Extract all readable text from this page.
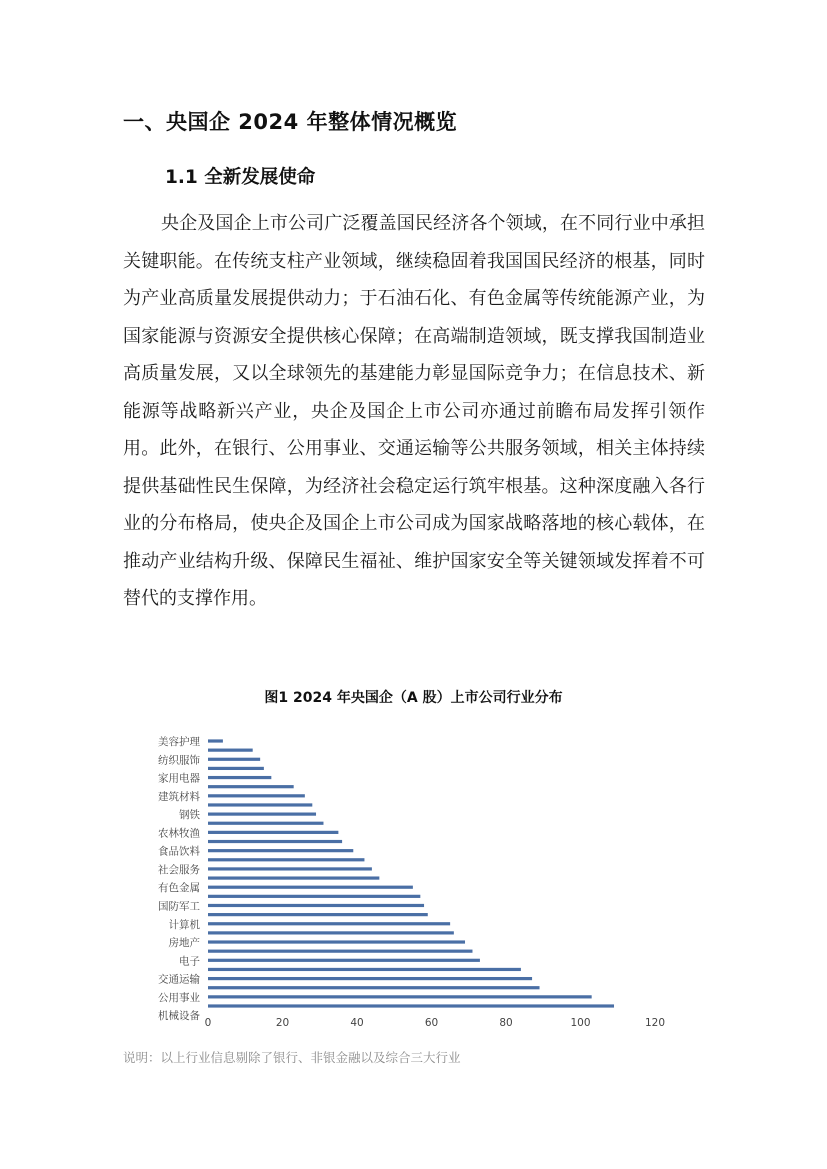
一、央国企 2024 年整体情况概览
1.1 全新发展使命

央企及国企上市公司广泛覆盖国民经济各个领域，在不同行业中承担关键职能。在传统支柱产业领域，继续稳固着我国国民经济的根基，同时为产业高质量发展提供动力；于石油石化、有色金属等传统能源产业，为国家能源与资源安全提供核心保障；在高端制造领域，既支撑我国制造业高质量发展，又以全球领先的基建能力彰显国际竞争力；在信息技术、新能源等战略新兴产业，央企及国企上市公司亦通过前瞻布局发挥引领作用。此外，在银行、公用事业、交通运输等公共服务领域，相关主体持续提供基础性民生保障，为经济社会稳定运行筑牢根基。这种深度融入各行业的分布格局，使央企及国企上市公司成为国家战略落地的核心载体，在推动产业结构升级、保障民生福祉、维护国家安全等关键领域发挥着不可替代的支撑作用。

图1 2024 年央国企（A 股）上市公司行业分布
美容护理
纺织服饰
家用电器
建筑材料
钢铁
农林牧渔
食品饮料
社会服务
有色金属
国防军工
计算机
房地产
电子
交通运输
公用事业
机械设备
0	20	40	60	80	100	120
说明：以上行业信息剔除了银行、非银金融以及综合三大行业
